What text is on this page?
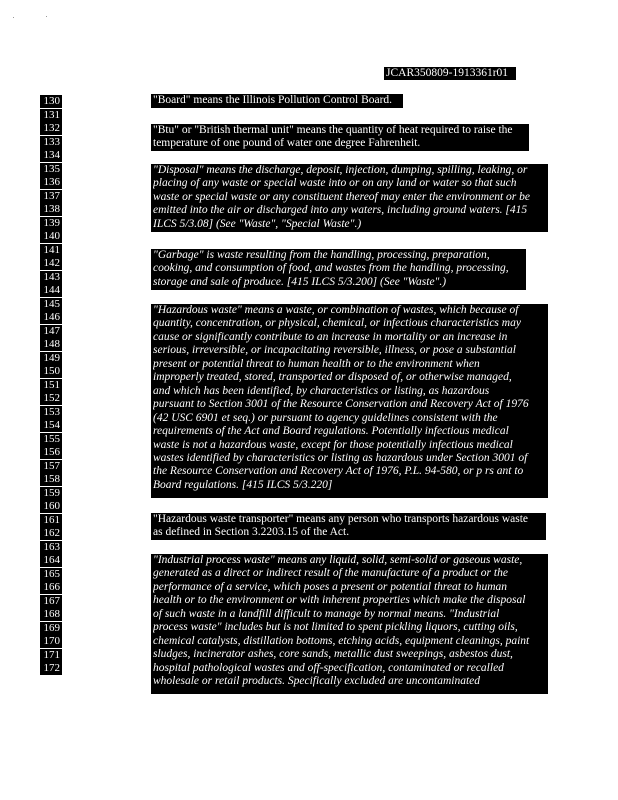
JCAR350809-1913361r01
130
131
132
133
134
135
136
137
138
139
140
141
142
143
144
145
146
147
148
149
150
151
152
153
154
155
156
157
158
159
160
161
162
163
164
165
166
167
168
169
170
171
172
"Board" means the Illinois Pollution Control Board.
"Btu" or "British thermal unit" means the quantity of heat required to raise the
temperature of one pound of water one degree Fahrenheit.
"Disposal" means the discharge, deposit, injection, dumping, spilling, leaking, or
placing of any waste or special waste into or on any land or water so that such
waste or special waste or any constituent thereof may enter the environment or be
emitted into the air or discharged into any waters, including ground waters. [415
ILCS 5/3.08] (See "Waste", "Special Waste".)
"Garbage" is waste resulting from the handling, processing, preparation,
cooking, and consumption of food, and wastes from the handling, processing,
storage and sale of produce. [415 ILCS 5/3.200] (See "Waste".)
"Hazardous waste" means a waste, or combination of wastes, which because of
quantity, concentration, or physical, chemical, or infectious characteristics may
cause or significantly contribute to an increase in mortality or an increase in
serious, irreversible, or incapacitating reversible, illness, or pose a substantial
present or potential threat to human health or to the environment when
improperly treated, stored, transported or disposed of, or otherwise managed,
and which has been identified, by characteristics or listing, as hazardous
pursuant to Section 3001 of the Resource Conservation and Recovery Act of 1976
(42 USC 6901 et seq.) or pursuant to agency guidelines consistent with the
requirements of the Act and Board regulations. Potentially infectious medical
waste is not a hazardous waste, except for those potentially infectious medical
wastes identified by characteristics or listing as hazardous under Section 3001 of
the Resource Conservation and Recovery Act of 1976, P.L. 94-580, or p rs ant to
Board regulations. [415 ILCS 5/3.220]
"Hazardous waste transporter" means any person who transports hazardous waste
as defined in Section 3.2203.15 of the Act.
"Industrial process waste" means any liquid, solid, semi-solid or gaseous waste,
generated as a direct or indirect result of the manufacture of a product or the
performance of a service, which poses a present or potential threat to human
health or to the environment or with inherent properties which make the disposal
of such waste in a landfill difficult to manage by normal means. "Industrial
process waste" includes but is not limited to spent pickling liquors, cutting oils,
chemical catalysts, distillation bottoms, etching acids, equipment cleanings, paint
sludges, incinerator ashes, core sands, metallic dust sweepings, asbestos dust,
hospital pathological wastes and off-specification, contaminated or recalled
wholesale or retail products. Specifically excluded are uncontaminated
